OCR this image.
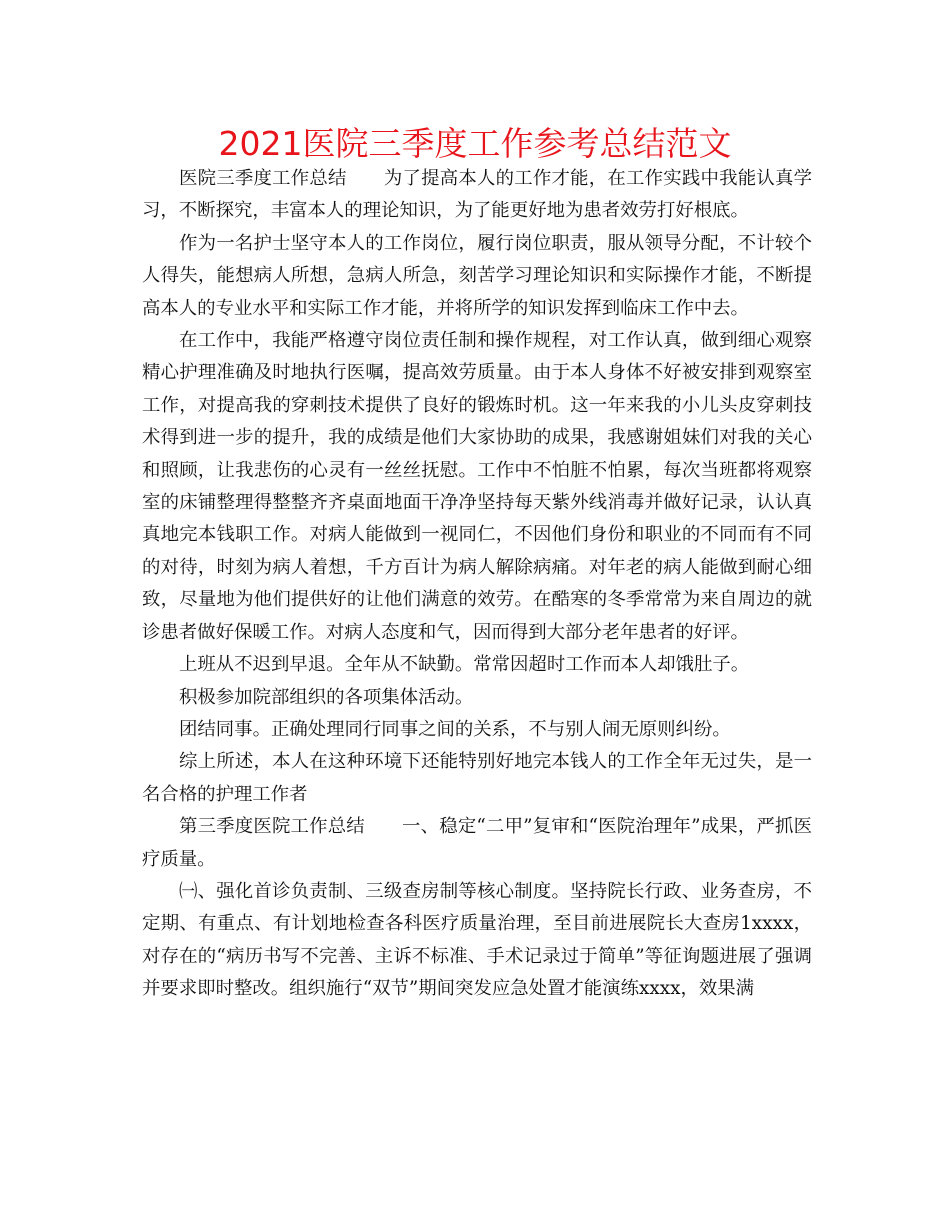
2021医院三季度工作参考总结范文

医院三季度工作总结　　为了提高本人的工作才能，在工作实践中我能认真学习，不断探究，丰富本人的理论知识，为了能更好地为患者效劳打好根底。

作为一名护士坚守本人的工作岗位，履行岗位职责，服从领导分配，不计较个人得失，能想病人所想，急病人所急，刻苦学习理论知识和实际操作才能，不断提高本人的专业水平和实际工作才能，并将所学的知识发挥到临床工作中去。

在工作中，我能严格遵守岗位责任制和操作规程，对工作认真，做到细心观察精心护理准确及时地执行医嘱，提高效劳质量。由于本人身体不好被安排到观察室工作，对提高我的穿刺技术提供了良好的锻炼时机。这一年来我的小儿头皮穿刺技术得到进一步的提升，我的成绩是他们大家协助的成果，我感谢姐妹们对我的关心和照顾，让我悲伤的心灵有一丝丝抚慰。工作中不怕脏不怕累，每次当班都将观察室的床铺整理得整整齐齐桌面地面干净净坚持每天紫外线消毒并做好记录，认认真真地完本钱职工作。对病人能做到一视同仁，不因他们身份和职业的不同而有不同的对待，时刻为病人着想，千方百计为病人解除病痛。对年老的病人能做到耐心细致，尽量地为他们提供好的让他们满意的效劳。在酷寒的冬季常常为来自周边的就诊患者做好保暖工作。对病人态度和气，因而得到大部分老年患者的好评。

上班从不迟到早退。全年从不缺勤。常常因超时工作而本人却饿肚子。

积极参加院部组织的各项集体活动。

团结同事。正确处理同行同事之间的关系，不与别人闹无原则纠纷。

综上所述，本人在这种环境下还能特别好地完本钱人的工作全年无过失，是一名合格的护理工作者

第三季度医院工作总结　　一、稳定“二甲”复审和“医院治理年”成果，严抓医疗质量。

㈠、强化首诊负责制、三级查房制等核心制度。坚持院长行政、业务查房，不定期、有重点、有计划地检查各科医疗质量治理，至目前进展院长大查房1xxxx，对存在的“病历书写不完善、主诉不标准、手术记录过于简单”等征询题进展了强调并要求即时整改。组织施行“双节”期间突发应急处置才能演练xxxx，效果满
